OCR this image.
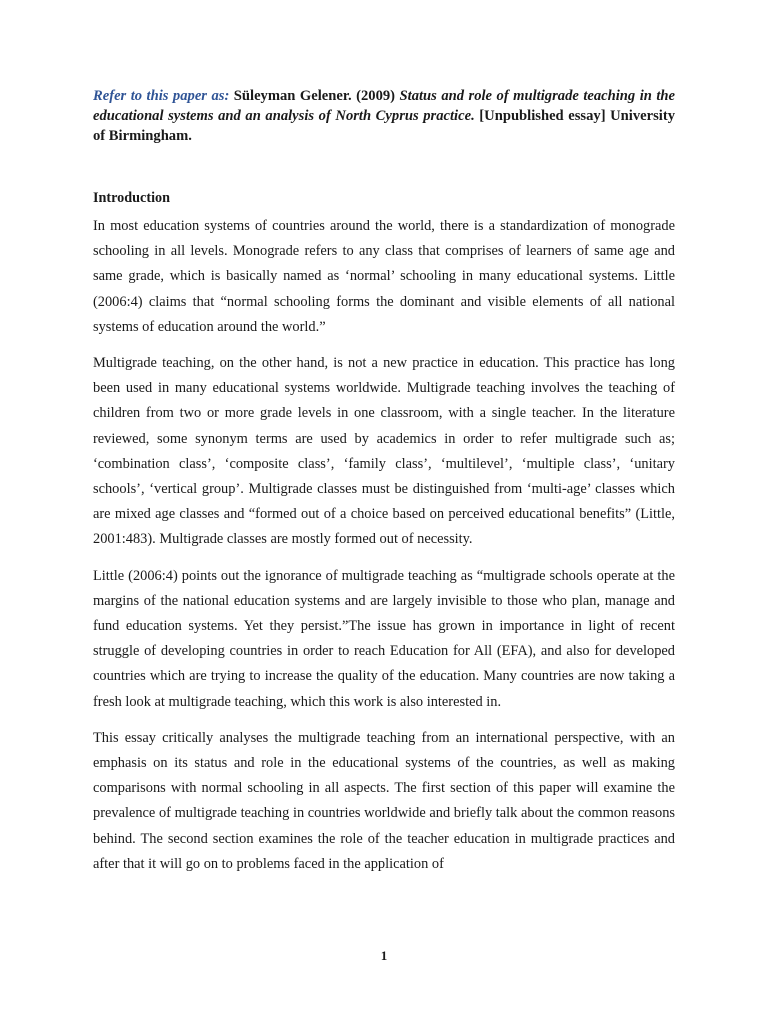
Refer to this paper as: Süleyman Gelener. (2009) Status and role of multigrade teaching in the educational systems and an analysis of North Cyprus practice. [Unpublished essay] University of Birmingham.

Introduction

In most education systems of countries around the world, there is a standardization of monograde schooling in all levels. Monograde refers to any class that comprises of learners of same age and same grade, which is basically named as ‘normal’ schooling in many educational systems. Little (2006:4) claims that “normal schooling forms the dominant and visible elements of all national systems of education around the world.”

Multigrade teaching, on the other hand, is not a new practice in education. This practice has long been used in many educational systems worldwide. Multigrade teaching involves the teaching of children from two or more grade levels in one classroom, with a single teacher. In the literature reviewed, some synonym terms are used by academics in order to refer multigrade such as; ‘combination class’, ‘composite class’, ‘family class’, ‘multilevel’, ‘multiple class’, ‘unitary schools’, ‘vertical group’. Multigrade classes must be distinguished from ‘multi-age’ classes which are mixed age classes and “formed out of a choice based on perceived educational benefits” (Little, 2001:483). Multigrade classes are mostly formed out of necessity.

Little (2006:4) points out the ignorance of multigrade teaching as “multigrade schools operate at the margins of the national education systems and are largely invisible to those who plan, manage and fund education systems. Yet they persist.”The issue has grown in importance in light of recent struggle of developing countries in order to reach Education for All (EFA), and also for developed countries which are trying to increase the quality of the education. Many countries are now taking a fresh look at multigrade teaching, which this work is also interested in.

This essay critically analyses the multigrade teaching from an international perspective, with an emphasis on its status and role in the educational systems of the countries, as well as making comparisons with normal schooling in all aspects. The first section of this paper will examine the prevalence of multigrade teaching in countries worldwide and briefly talk about the common reasons behind. The second section examines the role of the teacher education in multigrade practices and after that it will go on to problems faced in the application of

1
